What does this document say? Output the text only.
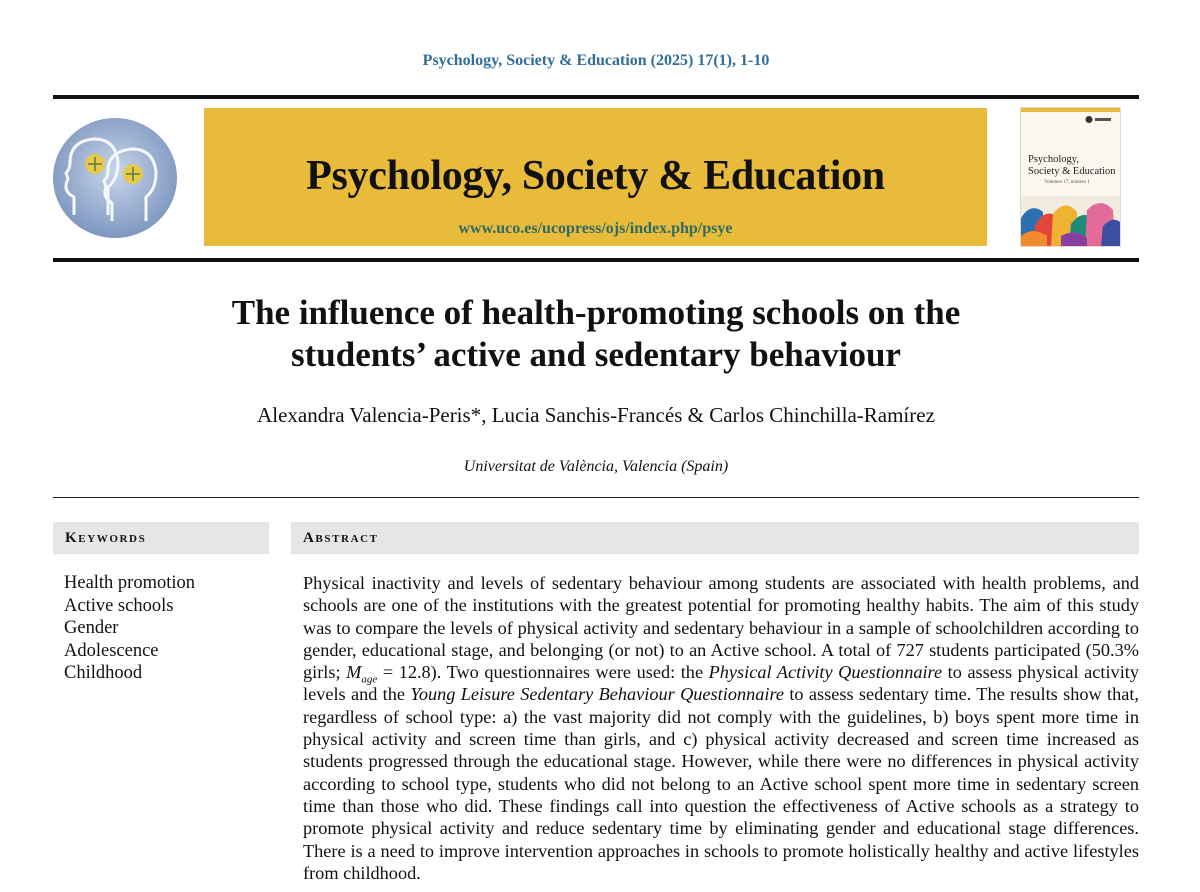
Psychology, Society & Education (2025) 17(1), 1-10
Psychology, Society & Education
www.uco.es/ucopress/ojs/index.php/psye
Psychology,
Society & Education
Volumen 17, número 1
The influence of health-promoting schools on the
students’ active and sedentary behaviour
Alexandra Valencia-Peris*, Lucia Sanchis-Francés & Carlos Chinchilla-Ramírez
Universitat de València, Valencia (Spain)
Keywords
Health promotion
Active schools
Gender
Adolescence
Childhood
Abstract
Physical inactivity and levels of sedentary behaviour among students are associated with health problems, and schools are one of the institutions with the greatest potential for promoting healthy habits. The aim of this study was to compare the levels of physical activity and sedentary behaviour in a sample of schoolchildren according to gender, educational stage, and belonging (or not) to an Active school. A total of 727 students participated (50.3% girls; $M_{age} = 12.8$). Two questionnaires were used: the Physical Activity Questionnaire to assess physical activity levels and the Young Leisure Sedentary Behaviour Questionnaire to assess sedentary time. The results show that, regardless of school type: a) the vast majority did not comply with the guidelines, b) boys spent more time in physical activity and screen time than girls, and c) physical activity decreased and screen time increased as students progressed through the educational stage. However, while there were no differences in physical activity according to school type, students who did not belong to an Active school spent more time in sedentary screen time than those who did. These findings call into question the effectiveness of Active schools as a strategy to promote physical activity and reduce sedentary time by eliminating gender and educational stage differences. There is a need to improve intervention approaches in schools to promote holistically healthy and active lifestyles from childhood.
